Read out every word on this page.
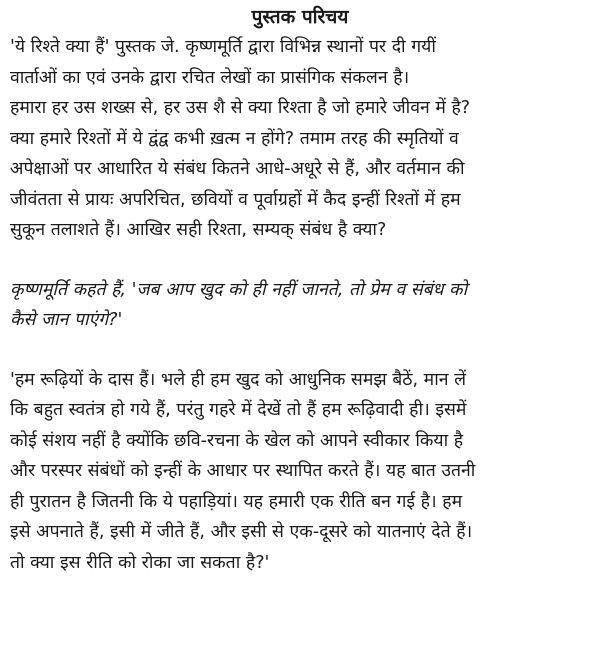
पुस्तक परिचय
'ये रिश्ते क्या हैं' पुस्तक जे. कृष्णमूर्ति द्वारा विभिन्न स्थानों पर दी गयीं
वार्ताओं का एवं उनके द्वारा रचित लेखों का प्रासंगिक संकलन है।
हमारा हर उस शख्स से, हर उस शै से क्या रिश्ता है जो हमारे जीवन में है?
क्या हमारे रिश्तों में ये द्वंद्व कभी ख़त्म न होंगे? तमाम तरह की स्मृतियों व
अपेक्षाओं पर आधारित ये संबंध कितने आधे-अधूरे से हैं, और वर्तमान की
जीवंतता से प्रायः अपरिचित, छवियों व पूर्वाग्रहों में कैद इन्हीं रिश्तों में हम
सुकून तलाशते हैं। आखिर सही रिश्ता, सम्यक् संबंध है क्या?
कृष्णमूर्ति कहते हैं, 'जब आप खुद को ही नहीं जानते, तो प्रेम व संबंध को
कैसे जान पाएंगे?'
'हम रूढ़ियों के दास हैं। भले ही हम खुद को आधुनिक समझ बैठें, मान लें
कि बहुत स्वतंत्र हो गये हैं, परंतु गहरे में देखें तो हैं हम रूढ़िवादी ही। इसमें
कोई संशय नहीं है क्योंकि छवि-रचना के खेल को आपने स्वीकार किया है
और परस्पर संबंधों को इन्हीं के आधार पर स्थापित करते हैं। यह बात उतनी
ही पुरातन है जितनी कि ये पहाड़ियां। यह हमारी एक रीति बन गई है। हम
इसे अपनाते हैं, इसी में जीते हैं, और इसी से एक-दूसरे को यातनाएं देते हैं।
तो क्या इस रीति को रोका जा सकता है?'
